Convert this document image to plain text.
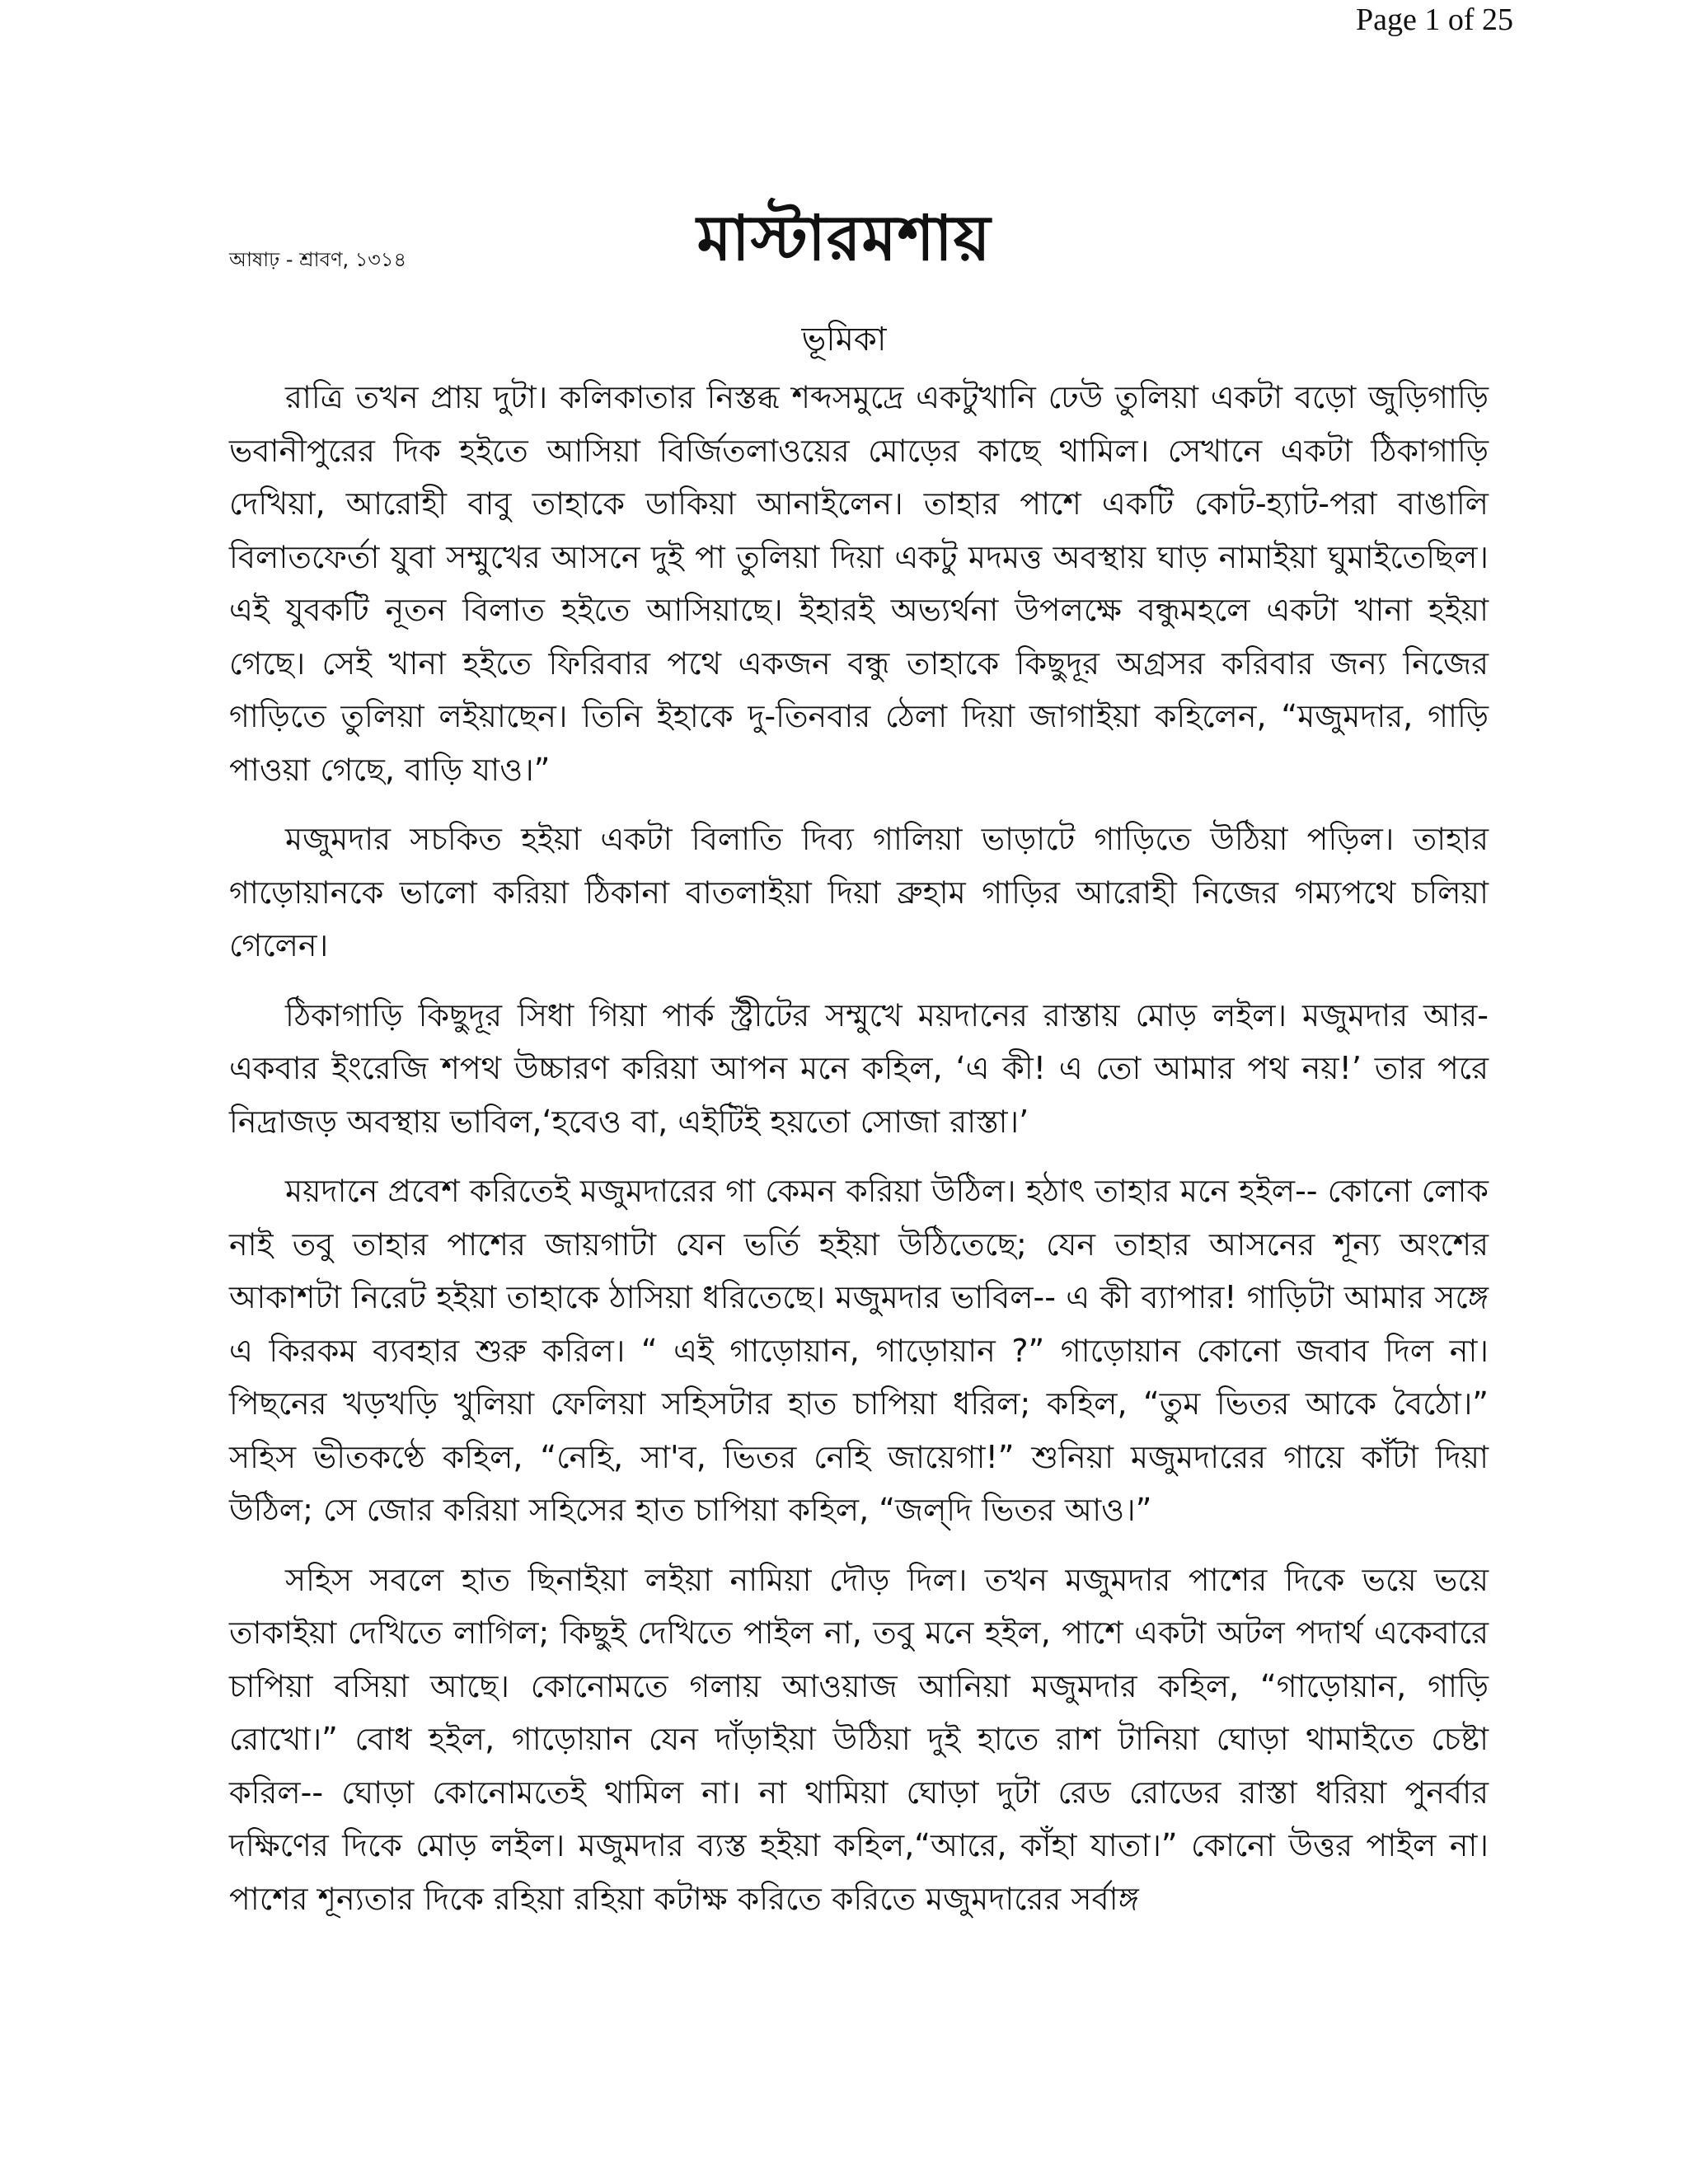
Page 1 of 25
মাস্টারমশায়
আষাঢ় - শ্রাবণ, ১৩১৪
ভূমিকা

রাত্রি তখন প্রায় দুটা। কলিকাতার নিস্তব্ধ শব্দসমুদ্রে একটুখানি ঢেউ তুলিয়া একটা বড়ো জুড়িগাড়ি ভবানীপুরের দিক হইতে আসিয়া বির্জিতলাওয়ের মোড়ের কাছে থামিল। সেখানে একটা ঠিকাগাড়ি দেখিয়া, আরোহী বাবু তাহাকে ডাকিয়া আনাইলেন। তাহার পাশে একটি কোট-হ্যাট-পরা বাঙালি বিলাতফের্তা যুবা সম্মুখের আসনে দুই পা তুলিয়া দিয়া একটু মদমত্ত অবস্থায় ঘাড় নামাইয়া ঘুমাইতেছিল। এই যুবকটি নূতন বিলাত হইতে আসিয়াছে। ইহারই অভ্যর্থনা উপলক্ষে বন্ধুমহলে একটা খানা হইয়া গেছে। সেই খানা হইতে ফিরিবার পথে একজন বন্ধু তাহাকে কিছুদূর অগ্রসর করিবার জন্য নিজের গাড়িতে তুলিয়া লইয়াছেন। তিনি ইহাকে দু-তিনবার ঠেলা দিয়া জাগাইয়া কহিলেন, “মজুমদার, গাড়ি পাওয়া গেছে, বাড়ি যাও।”

মজুমদার সচকিত হইয়া একটা বিলাতি দিব্য গালিয়া ভাড়াটে গাড়িতে উঠিয়া পড়িল। তাহার গাড়োয়ানকে ভালো করিয়া ঠিকানা বাতলাইয়া দিয়া ব্রুহাম গাড়ির আরোহী নিজের গম্যপথে চলিয়া গেলেন।

ঠিকাগাড়ি কিছুদূর সিধা গিয়া পার্ক স্ট্রীটের সম্মুখে ময়দানের রাস্তায় মোড় লইল। মজুমদার আর-একবার ইংরেজি শপথ উচ্চারণ করিয়া আপন মনে কহিল, ‘এ কী! এ তো আমার পথ নয়!’ তার পরে নিদ্রাজড় অবস্থায় ভাবিল,‘হবেও বা, এইটিই হয়তো সোজা রাস্তা।’

ময়দানে প্রবেশ করিতেই মজুমদারের গা কেমন করিয়া উঠিল। হঠাৎ তাহার মনে হইল-- কোনো লোক নাই তবু তাহার পাশের জায়গাটা যেন ভর্তি হইয়া উঠিতেছে; যেন তাহার আসনের শূন্য অংশের আকাশটা নিরেট হইয়া তাহাকে ঠাসিয়া ধরিতেছে। মজুমদার ভাবিল-- এ কী ব্যাপার! গাড়িটা আমার সঙ্গে এ কিরকম ব্যবহার শুরু করিল। “ এই গাড়োয়ান, গাড়োয়ান ?” গাড়োয়ান কোনো জবাব দিল না। পিছনের খড়খড়ি খুলিয়া ফেলিয়া সহিসটার হাত চাপিয়া ধরিল; কহিল, “তুম ভিতর আকে বৈঠো।” সহিস ভীতকণ্ঠে কহিল, “নেহি, সা'ব, ভিতর নেহি জায়েগা!” শুনিয়া মজুমদারের গায়ে কাঁটা দিয়া উঠিল; সে জোর করিয়া সহিসের হাত চাপিয়া কহিল, “জল্‌দি ভিতর আও।”

সহিস সবলে হাত ছিনাইয়া লইয়া নামিয়া দৌড় দিল। তখন মজুমদার পাশের দিকে ভয়ে ভয়ে তাকাইয়া দেখিতে লাগিল; কিছুই দেখিতে পাইল না, তবু মনে হইল, পাশে একটা অটল পদার্থ একেবারে চাপিয়া বসিয়া আছে। কোনোমতে গলায় আওয়াজ আনিয়া মজুমদার কহিল, “গাড়োয়ান, গাড়ি রোখো।” বোধ হইল, গাড়োয়ান যেন দাঁড়াইয়া উঠিয়া দুই হাতে রাশ টানিয়া ঘোড়া থামাইতে চেষ্টা করিল-- ঘোড়া কোনোমতেই থামিল না। না থামিয়া ঘোড়া দুটা রেড রোডের রাস্তা ধরিয়া পুনর্বার দক্ষিণের দিকে মোড় লইল। মজুমদার ব্যস্ত হইয়া কহিল,“আরে, কাঁহা যাতা।” কোনো উত্তর পাইল না। পাশের শূন্যতার দিকে রহিয়া রহিয়া কটাক্ষ করিতে করিতে মজুমদারের সর্বাঙ্গ
